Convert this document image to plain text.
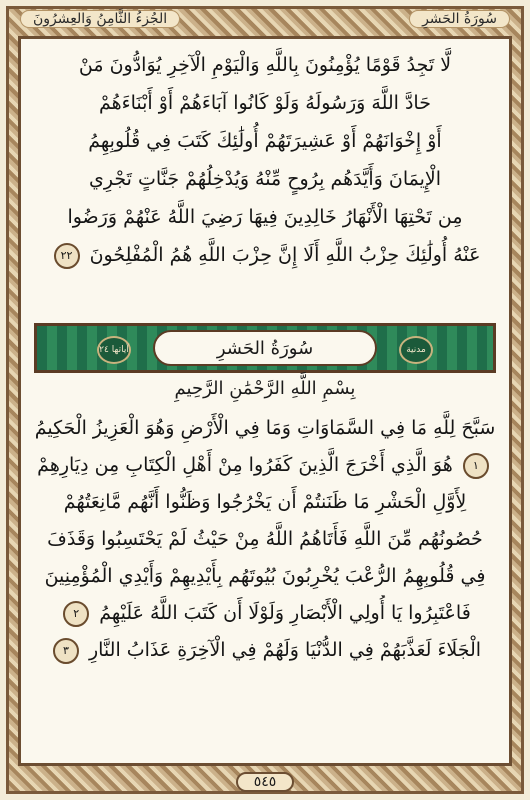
سُورَةُ الحَشرِ
الجُزءُ الثَّامِنُ وَالعِشرُونَ
لَّا تَجِدُ قَوْمًا يُؤْمِنُونَ بِاللَّهِ وَالْيَوْمِ الْآخِرِ يُوَادُّونَ مَنْ
حَادَّ اللَّهَ وَرَسُولَهُ وَلَوْ كَانُوا آبَاءَهُمْ أَوْ أَبْنَاءَهُمْ
أَوْ إِخْوَانَهُمْ أَوْ عَشِيرَتَهُمْ أُولَٰئِكَ كَتَبَ فِي قُلُوبِهِمُ
الْإِيمَانَ وَأَيَّدَهُم بِرُوحٍ مِّنْهُ وَيُدْخِلُهُمْ جَنَّاتٍ تَجْرِي
مِن تَحْتِهَا الْأَنْهَارُ خَالِدِينَ فِيهَا رَضِيَ اللَّهُ عَنْهُمْ وَرَضُوا
عَنْهُ أُولَٰئِكَ حِزْبُ اللَّهِ أَلَا إِنَّ حِزْبَ اللَّهِ هُمُ الْمُفْلِحُونَ ٢٢
آياتها ٢٤	سُورَةُ الحَشرِ	مدنية
بِسْمِ اللَّهِ الرَّحْمَٰنِ الرَّحِيمِ
سَبَّحَ لِلَّهِ مَا فِي السَّمَاوَاتِ وَمَا فِي الْأَرْضِ وَهُوَ الْعَزِيزُ الْحَكِيمُ
١ هُوَ الَّذِي أَخْرَجَ الَّذِينَ كَفَرُوا مِنْ أَهْلِ الْكِتَابِ مِن دِيَارِهِمْ
لِأَوَّلِ الْحَشْرِ مَا ظَنَنتُمْ أَن يَخْرُجُوا وَظَنُّوا أَنَّهُم مَّانِعَتُهُمْ
حُصُونُهُم مِّنَ اللَّهِ فَأَتَاهُمُ اللَّهُ مِنْ حَيْثُ لَمْ يَحْتَسِبُوا وَقَذَفَ
فِي قُلُوبِهِمُ الرُّعْبَ يُخْرِبُونَ بُيُوتَهُم بِأَيْدِيهِمْ وَأَيْدِي الْمُؤْمِنِينَ
فَاعْتَبِرُوا يَا أُولِي الْأَبْصَارِ وَلَوْلَا أَن كَتَبَ اللَّهُ عَلَيْهِمُ ٢
الْجَلَاءَ لَعَذَّبَهُمْ فِي الدُّنْيَا وَلَهُمْ فِي الْآخِرَةِ عَذَابُ النَّارِ ٣
٥٤٥
